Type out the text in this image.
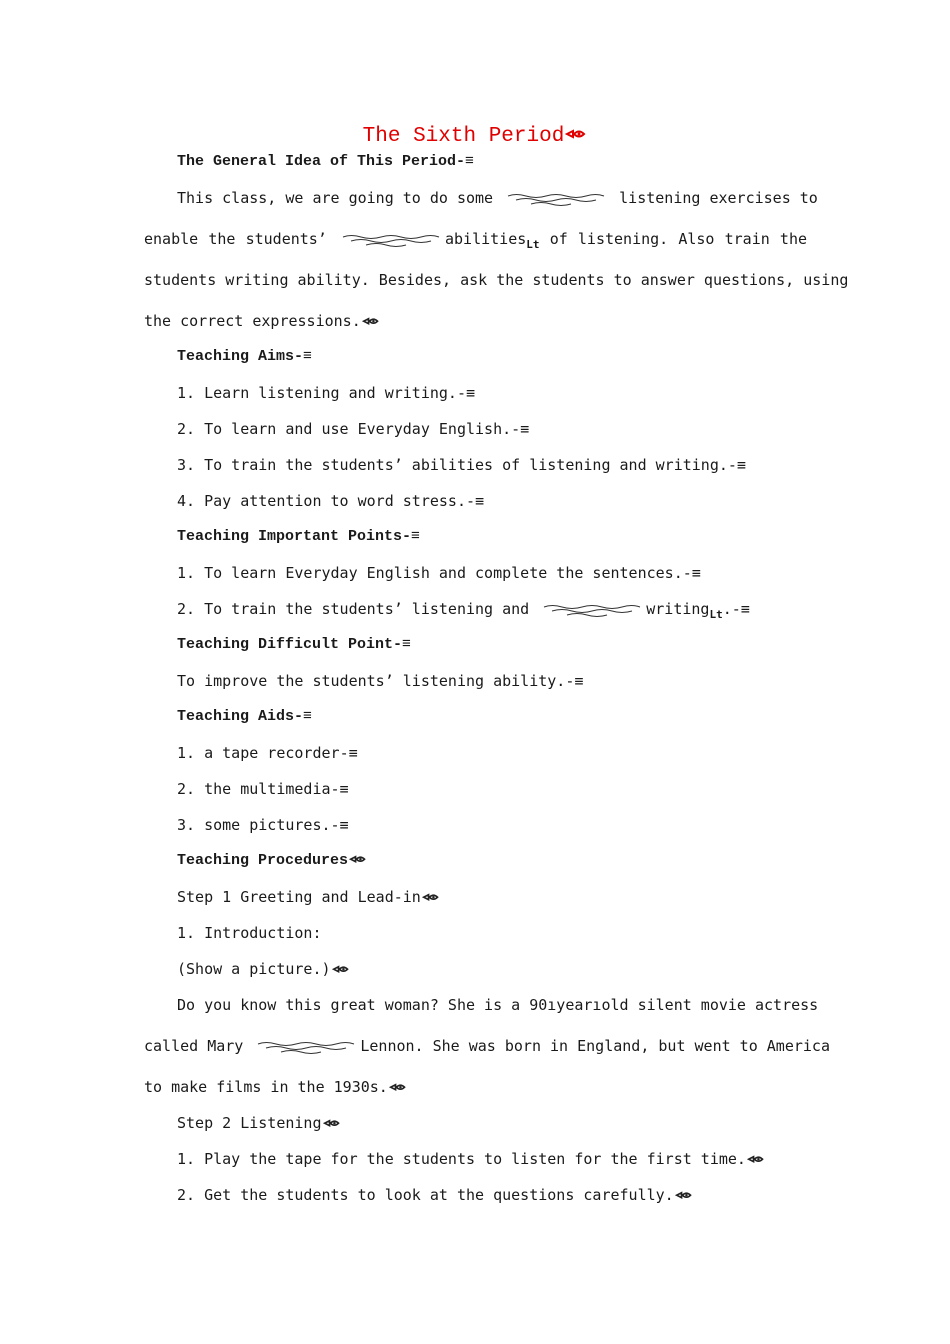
The Sixth Period
The General Idea of This Period-≡
This class, we are going to do some	listening exercises to
enable the students’	abilities$_{Lt}$ of listening. Also train the
students writing ability. Besides, ask the students to answer questions, using
the correct expressions.
Teaching Aims-≡
1. Learn listening and writing.-≡
2. To learn and use Everyday English.-≡
3. To train the students’ abilities of listening and writing.-≡
4. Pay attention to word stress.-≡
Teaching Important Points-≡
1. To learn Everyday English and complete the sentences.-≡
2. To train the students’ listening and	writing$_{Lt}$.-≡
Teaching Difficult Point-≡
To improve the students’ listening ability.-≡
Teaching Aids-≡
1. a tape recorder-≡
2. the multimedia-≡
3. some pictures.-≡
Teaching Procedures
Step 1 Greeting and Lead-in
1. Introduction:
(Show a picture.)
Do you know this great woman? She is a 90ıyearıold silent movie actress
called Mary	Lennon. She was born in England, but went to America
to make films in the 1930s.
Step 2 Listening
1. Play the tape for the students to listen for the first time.
2. Get the students to look at the questions carefully.
